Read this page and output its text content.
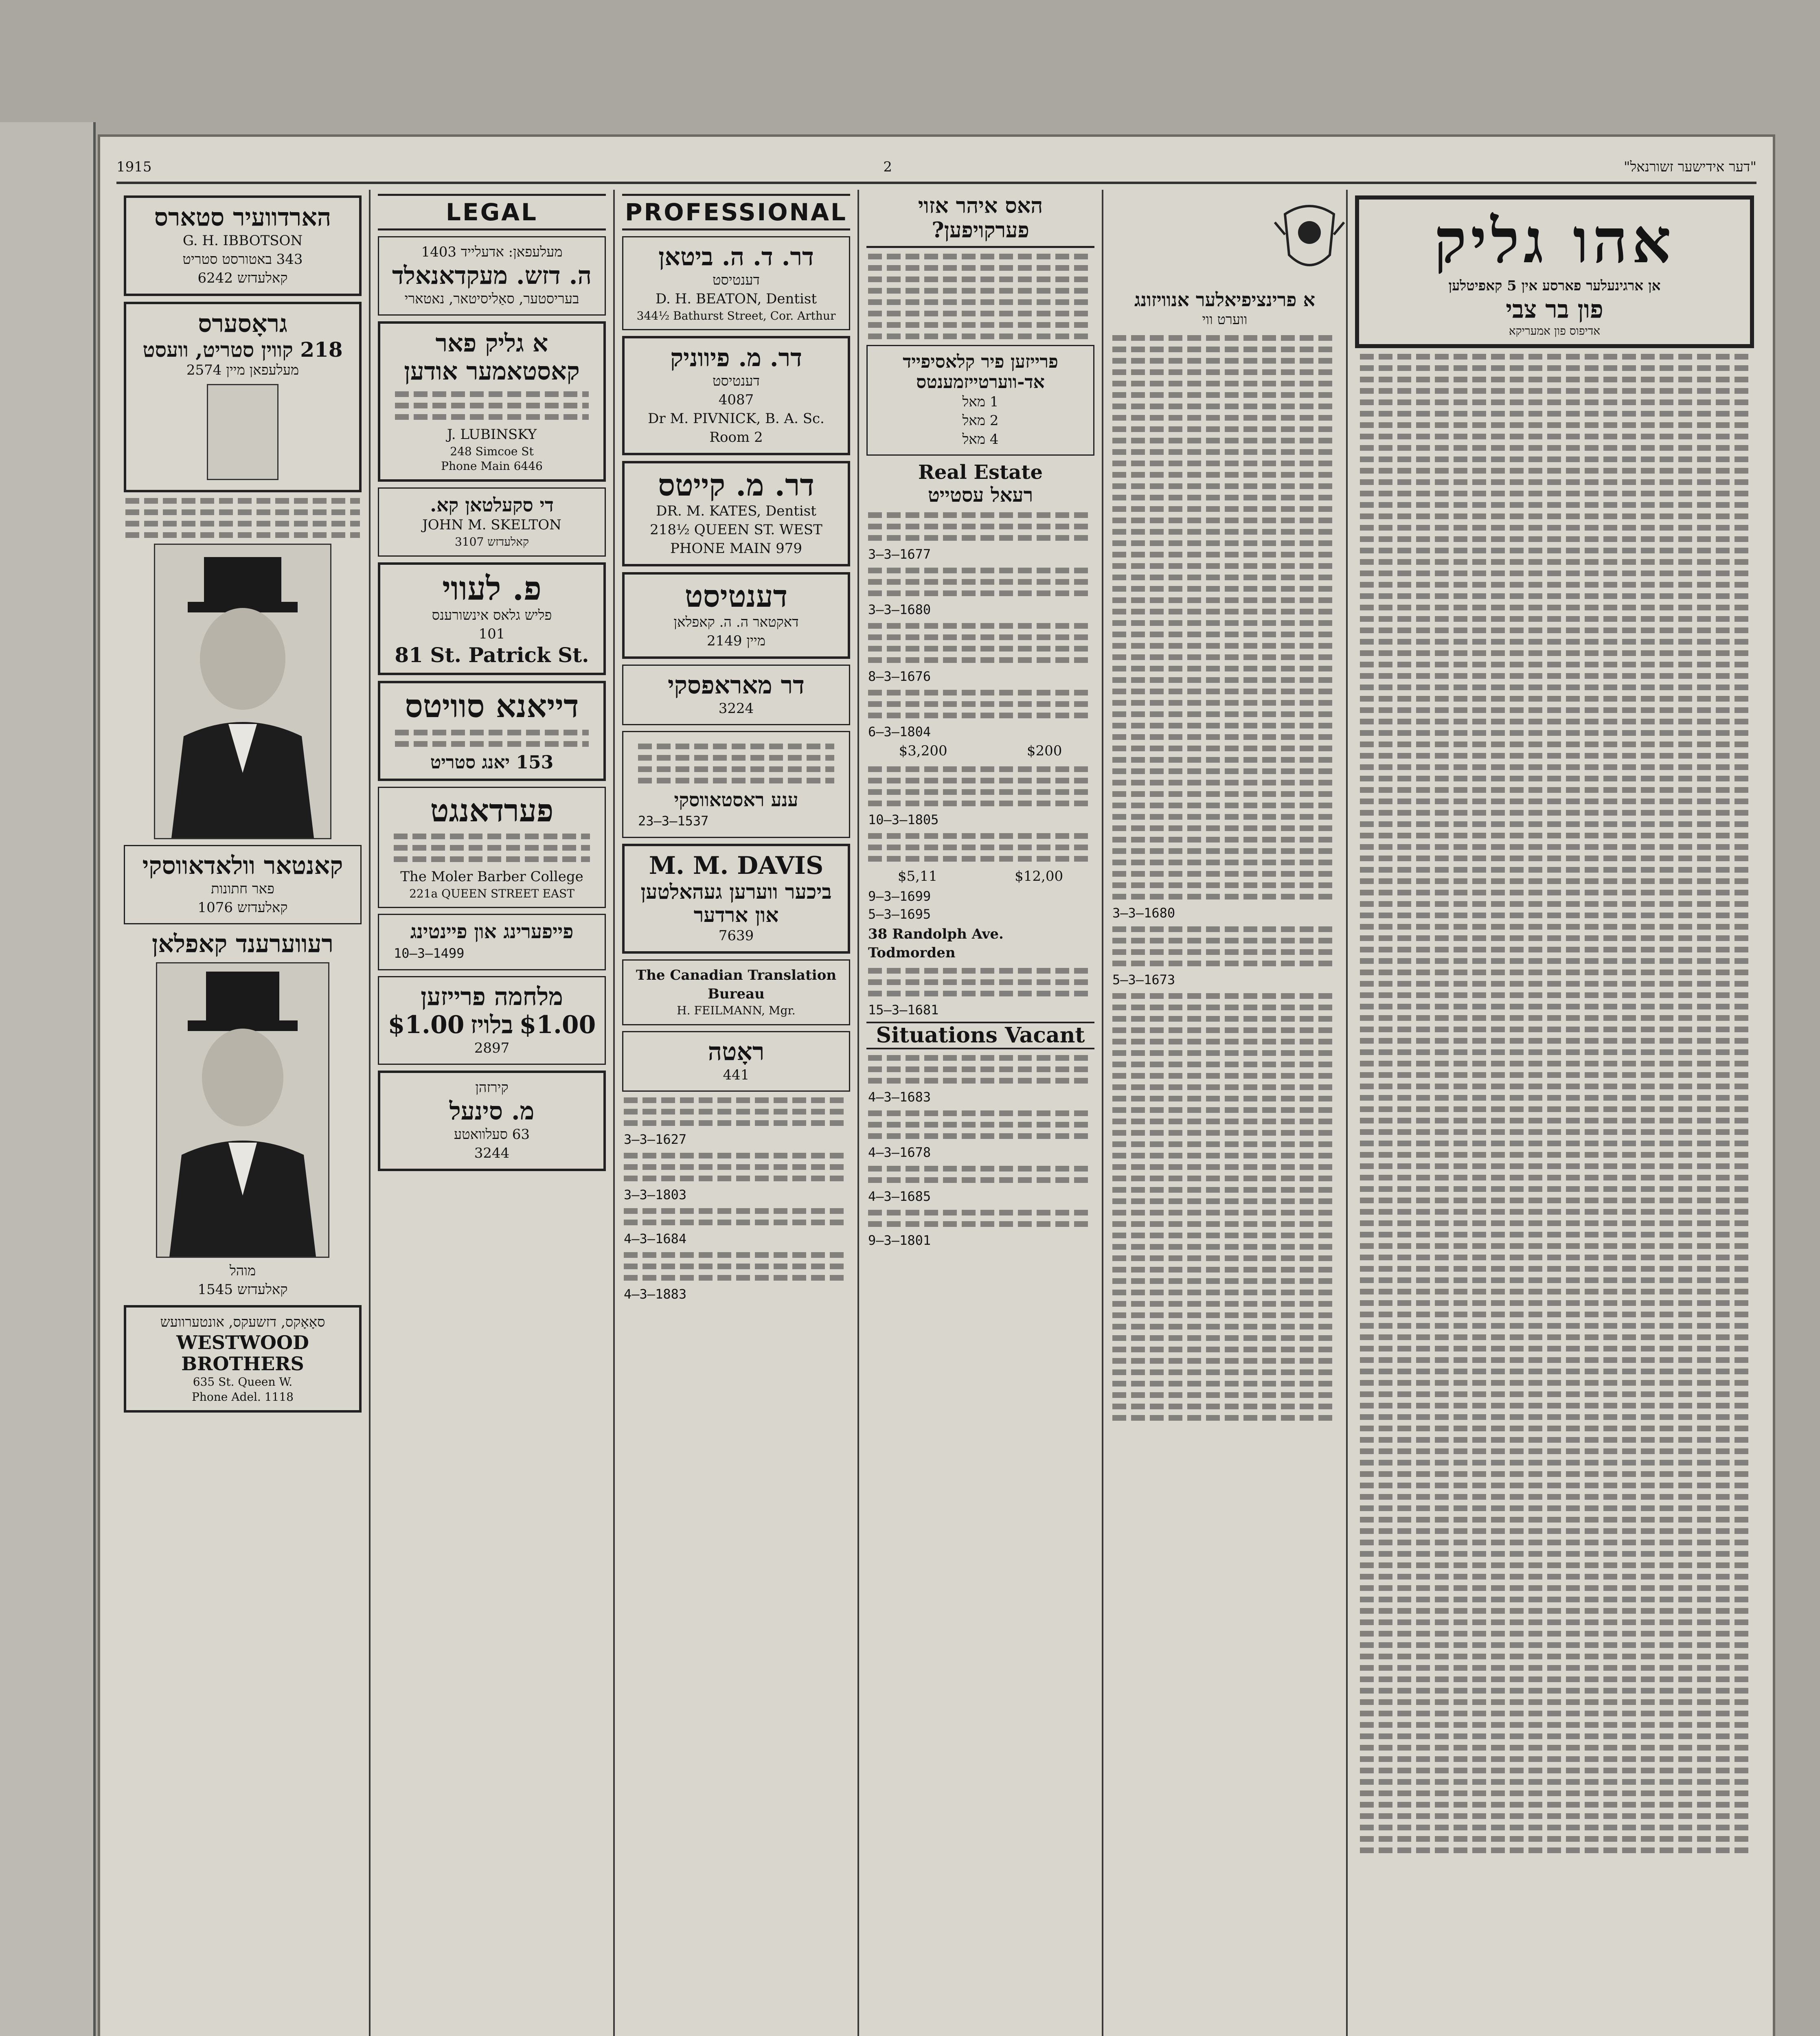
1915	2	"דער אידישער זשורנאל"
הארדוועיר סטארס
G. H. IBBOTSON
343 באטורסט סטריט
קאלעדזש 6242
גראָסערס
218 קווין סטריט, וועסט
מעלעפאן מיין 2574
קאנטאר וולאדאווסקי
פאר חתונות
קאלעדזש 1076
רעווערענד קאפלאן
מוהל
קאלעדזש 1545
סאָאָקס, דזשעקס, אונטערוועש
WESTWOOD BROTHERS
635 St. Queen W.
Phone Adel. 1118
LEGAL
מעלעפאן: אדעלייד 1403
ה. דזש. מעקדאנאלד
בעריסטער, סאַליסיטאר, נאטארי
א גליק פאר קאסטאמער אודען
J. LUBINSKY
248 Simcoe St
Phone Main 6446
די סקעלטאן קא.
JOHN M. SKELTON
קאלעדזש 3107
פ. לעווי
פליש גלאס אינשורענס
101
81 St. Patrick St.
דייאנא סוויטס
153 יאנג סטריט
פערדאנגט
The Moler Barber College
221a QUEEN STREET EAST
פייפערינג און פיינטינג
1499—3—10
מלחמה פרייזען
$1.00 בלויז $1.00
2897
קירזהן
מ. סינעל
63 סעלוואטע
3244
PROFESSIONAL
דר. ד. ה. ביטאן
דענטיסט
D. H. BEATON, Dentist
344½ Bathurst Street, Cor. Arthur
דר. מ. פיווניק
דענטיסט
4087
Dr M. PIVNICK, B. A. Sc.
Room 2
דר. מ. קייטס
DR. M. KATES, Dentist
218½ QUEEN ST. WEST
PHONE MAIN 979
דענטיסט
דאקטאר ה. ה. קאפלאן
מיין 2149
דר מאראפסקי
3224
ענע ראסטאווסקי
1537—3—23
M. M. DAVIS
ביכער ווערען געהאלטען און ארדער
7639
The Canadian Translation Bureau
H. FEILMANN, Mgr.
ראָטה
441
1627—3—3
1803—3—3
1684—3—4
1883—3—4
האס איהר אזוי פערקויפען?
פרייזען פיר קלאסיפייד אד-ווערטייזמענטס
1 מאל
2 מאל
4 מאל
Real Estate
רעאל עסטייט
1677—3—3
1680—3—3
1676—3—8
1804—3—6
$3,200	$200
1805—3—10
$5,11	$12,00
1699—3—9
1695—3—5
38 Randolph Ave. Todmorden
1681—3—15
Situations Vacant
1683—3—4
1678—3—4
1685—3—4
1801—3—9
א פרינציפיאלער אנוויזונג
ווערט ווי
1680—3—3
1673—3—5
אהו גליק
אן ארגינעלער פארסע אין 5 קאפיטלען
פון בר צבי
אדיפוס פון אמעריקא
